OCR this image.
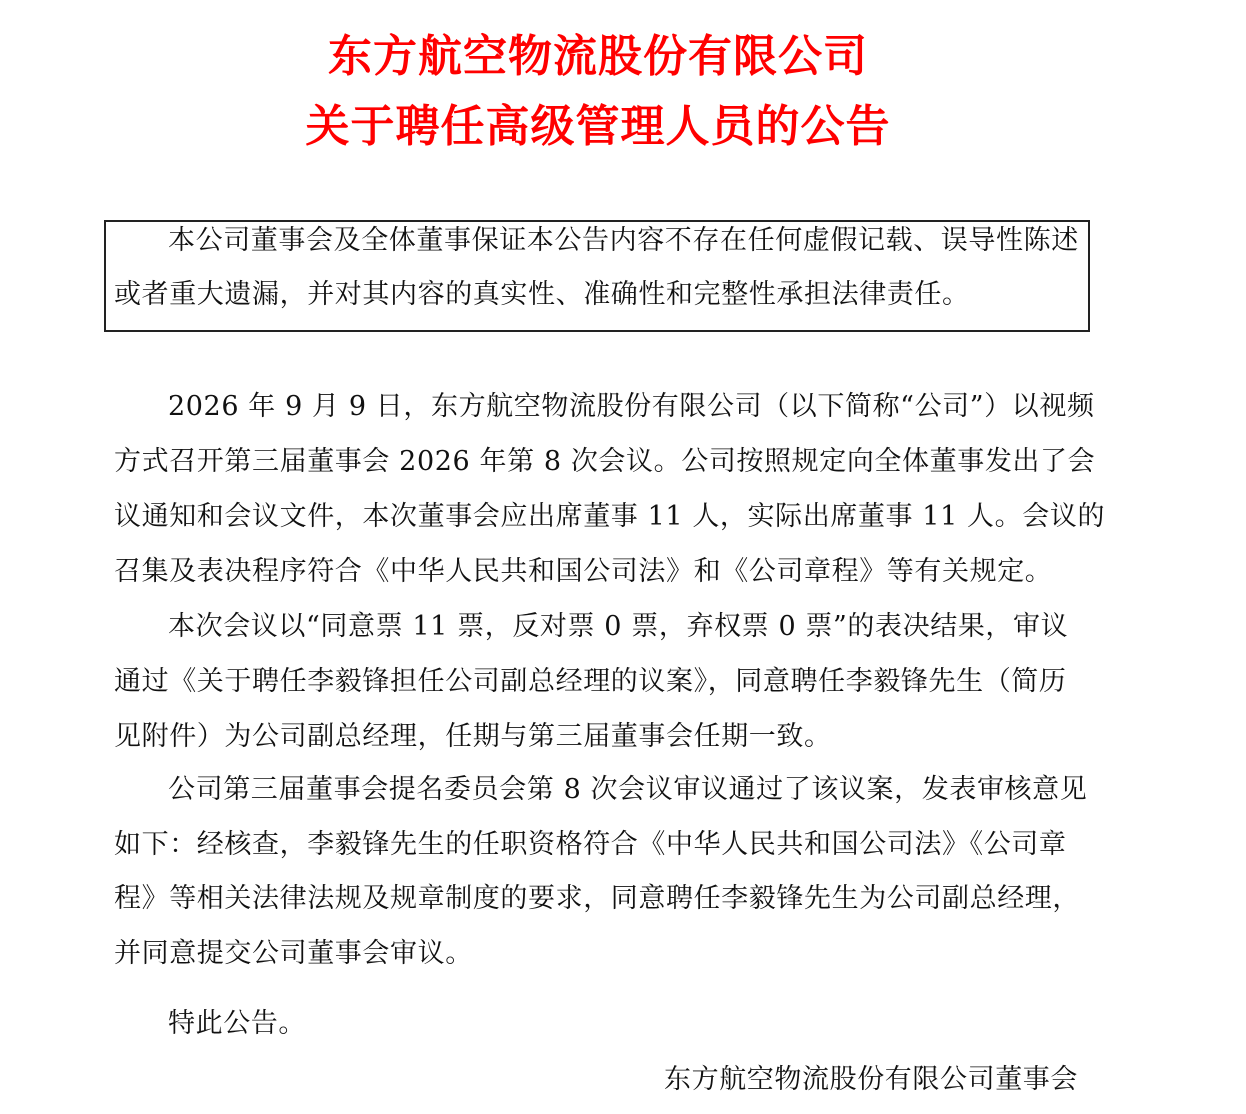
东方航空物流股份有限公司
关于聘任高级管理人员的公告
本公司董事会及全体董事保证本公告内容不存在任何虚假记载、误导性陈述
或者重大遗漏，并对其内容的真实性、准确性和完整性承担法律责任。
2026 年 9 月 9 日，东方航空物流股份有限公司（以下简称“公司”）以视频
方式召开第三届董事会 2026 年第 8 次会议。公司按照规定向全体董事发出了会
议通知和会议文件，本次董事会应出席董事 11 人，实际出席董事 11 人。会议的
召集及表决程序符合《中华人民共和国公司法》和《公司章程》等有关规定。
本次会议以“同意票 11 票，反对票 0 票，弃权票 0 票”的表决结果，审议
通过《关于聘任李毅锋担任公司副总经理的议案》，同意聘任李毅锋先生（简历
见附件）为公司副总经理，任期与第三届董事会任期一致。
公司第三届董事会提名委员会第 8 次会议审议通过了该议案，发表审核意见
如下：经核查，李毅锋先生的任职资格符合《中华人民共和国公司法》《公司章
程》等相关法律法规及规章制度的要求，同意聘任李毅锋先生为公司副总经理，
并同意提交公司董事会审议。
特此公告。
东方航空物流股份有限公司董事会
